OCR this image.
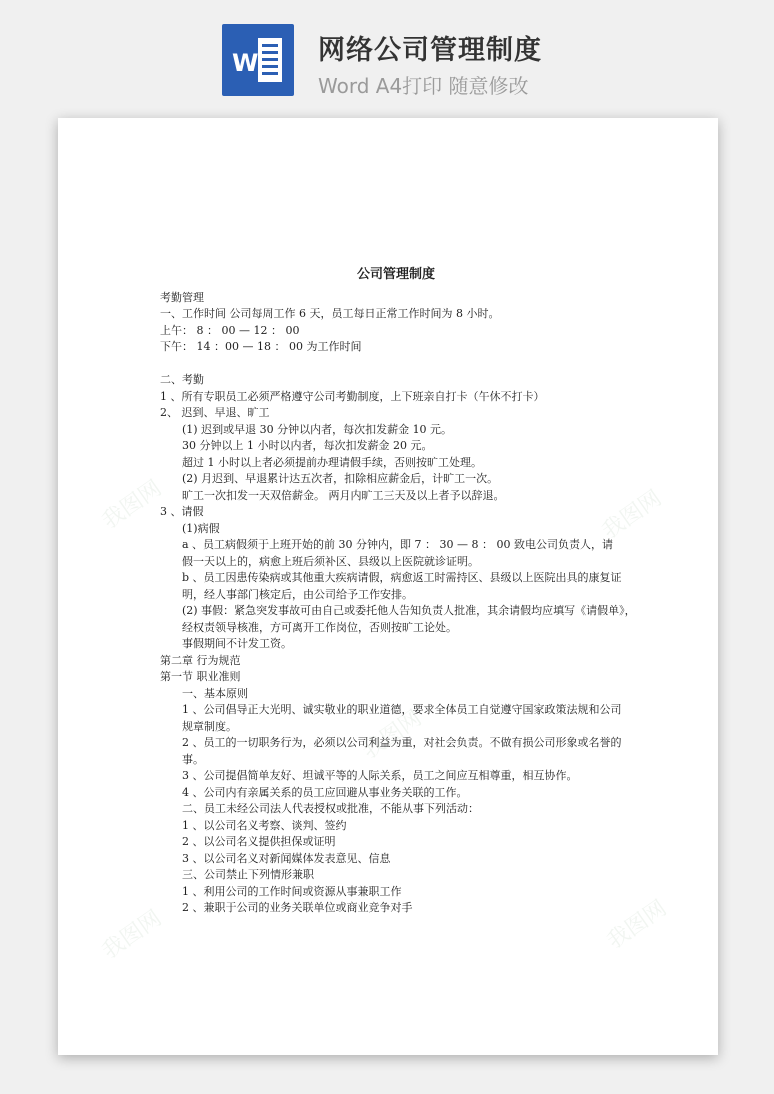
W 网络公司管理制度
Word A4打印 随意修改
我图网	我图网
我图网	我图网
我图网
公司管理制度
考勤管理
一、工作时间 公司每周工作 6 天，员工每日正常工作时间为 8 小时。
上午： 8 ： 00 — 12 ： 00
下午： 14 ：00 — 18 ： 00 为工作时间
二、考勤
1 、所有专职员工必须严格遵守公司考勤制度，上下班亲自打卡（午休不打卡）
2、 迟到、早退、旷工
(1) 迟到或早退 30 分钟以内者，每次扣发薪金 10 元。
30 分钟以上 1 小时以内者，每次扣发薪金 20 元。
超过 1 小时以上者必须提前办理请假手续，否则按旷工处理。
(2) 月迟到、早退累计达五次者，扣除相应薪金后，计旷工一次。
旷工一次扣发一天双倍薪金。 两月内旷工三天及以上者予以辞退。
3 、请假
(1)病假
a 、员工病假须于上班开始的前 30 分钟内，即 7 ： 30 — 8 ： 00 致电公司负责人，请
假一天以上的，病愈上班后须补区、县级以上医院就诊证明。
b 、员工因患传染病或其他重大疾病请假，病愈返工时需持区、县级以上医院出具的康复证
明，经人事部门核定后，由公司给予工作安排。
(2) 事假：紧急突发事故可由自己或委托他人告知负责人批准，其余请假均应填写《请假单》，
经权责领导核准，方可离开工作岗位，否则按旷工论处。
事假期间不计发工资。
第二章 行为规范
第一节 职业准则
一、基本原则
1 、公司倡导正大光明、诚实敬业的职业道德，要求全体员工自觉遵守国家政策法规和公司
规章制度。
2 、员工的一切职务行为，必须以公司利益为重，对社会负责。不做有损公司形象或名誉的
事。
3 、公司提倡简单友好、坦诚平等的人际关系，员工之间应互相尊重，相互协作。
4 、公司内有亲属关系的员工应回避从事业务关联的工作。
二、员工未经公司法人代表授权或批准，不能从事下列活动：
1 、以公司名义考察、谈判、签约
2 、以公司名义提供担保或证明
3 、以公司名义对新闻媒体发表意见、信息
三、公司禁止下列情形兼职
1 、利用公司的工作时间或资源从事兼职工作
2 、兼职于公司的业务关联单位或商业竞争对手
